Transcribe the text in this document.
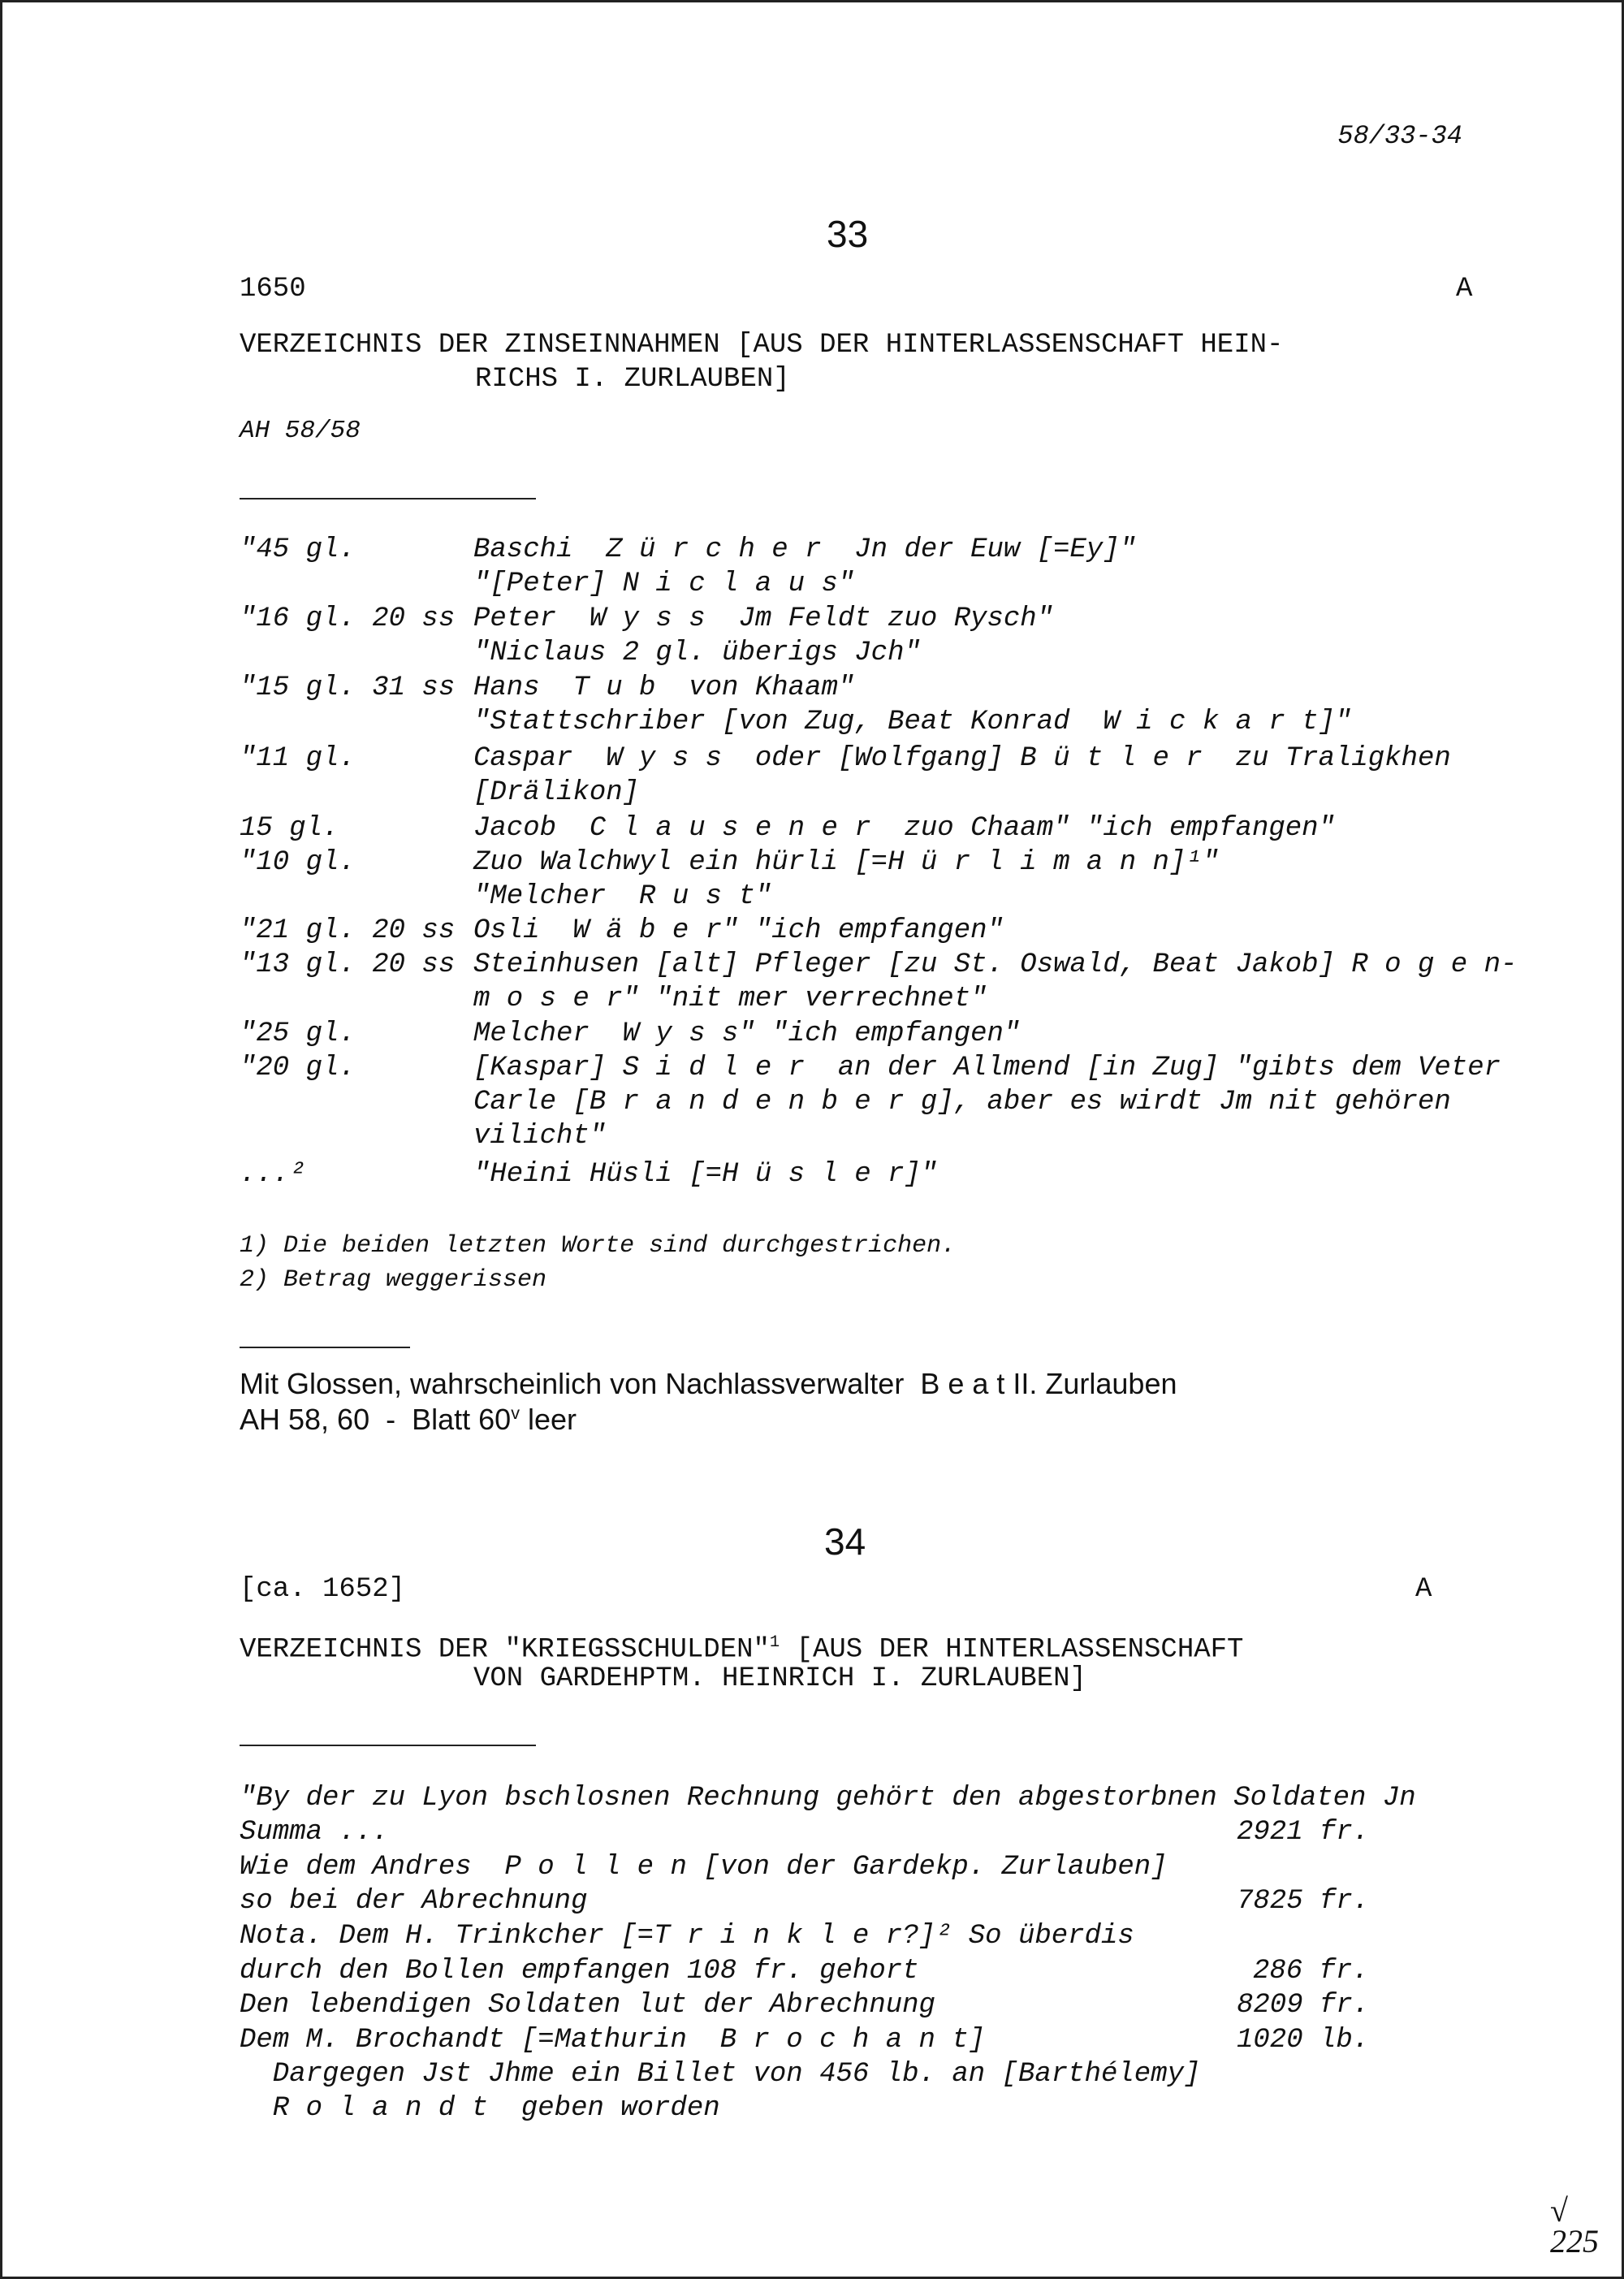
58/33-34
33
1650	A
VERZEICHNIS DER ZINSEINNAHMEN [AUS DER HINTERLASSENSCHAFT HEIN-
RICHS I. ZURLAUBEN]
AH 58/58
"45 gl.	Baschi  Z ü r c h e r  Jn der Euw [=Ey]"
"[Peter] N i c l a u s"
"16 gl. 20 ss Peter  W y s s  Jm Feldt zuo Rysch"
"Niclaus 2 gl. überigs Jch"
"15 gl. 31 ss Hans  T u b  von Khaam"
"Stattschriber [von Zug, Beat Konrad  W i c k a r t]"
"11 gl.	Caspar  W y s s  oder [Wolfgang] B ü t l e r  zu Traligkhen
[Drälikon]
15 gl.	Jacob  C l a u s e n e r  zuo Chaam" "ich empfangen"
"10 gl.	Zuo Walchwyl ein hürli [=H ü r l i m a n n]¹"
"Melcher  R u s t"
"21 gl. 20 ss Osli  W ä b e r" "ich empfangen"
"13 gl. 20 ss Steinhusen [alt] Pfleger [zu St. Oswald, Beat Jakob] R o g e n-
m o s e r" "nit mer verrechnet"
"25 gl.	Melcher  W y s s" "ich empfangen"
"20 gl.	[Kaspar] S i d l e r  an der Allmend [in Zug] "gibts dem Veter
Carle [B r a n d e n b e r g], aber es wirdt Jm nit gehören
vilicht"
...²	"Heini Hüsli [=H ü s l e r]"
1) Die beiden letzten Worte sind durchgestrichen.
2) Betrag weggerissen
Mit Glossen, wahrscheinlich von Nachlassverwalter  B e a t II. Zurlauben
AH 58, 60  -  Blatt 60$^v$ leer
34
[ca. 1652]	A
VERZEICHNIS DER "KRIEGSSCHULDEN"$^1$ [AUS DER HINTERLASSENSCHAFT
VON GARDEHPTM. HEINRICH I. ZURLAUBEN]
"By der zu Lyon bschlosnen Rechnung gehört den abgestorbnen Soldaten Jn
Summa ...	2921 fr.
Wie dem Andres  P o l l e n [von der Gardekp. Zurlauben]
so bei der Abrechnung	7825 fr.
Nota. Dem H. Trinkcher [=T r i n k l e r?]² So überdis
durch den Bollen empfangen 108 fr. gehort	286 fr.
Den lebendigen Soldaten lut der Abrechnung	8209 fr.
Dem M. Brochandt [=Mathurin  B r o c h a n t]	1020 lb.
Dargegen Jst Jhme ein Billet von 456 lb. an [Barthélemy]
R o l a n d t  geben worden
√
225
